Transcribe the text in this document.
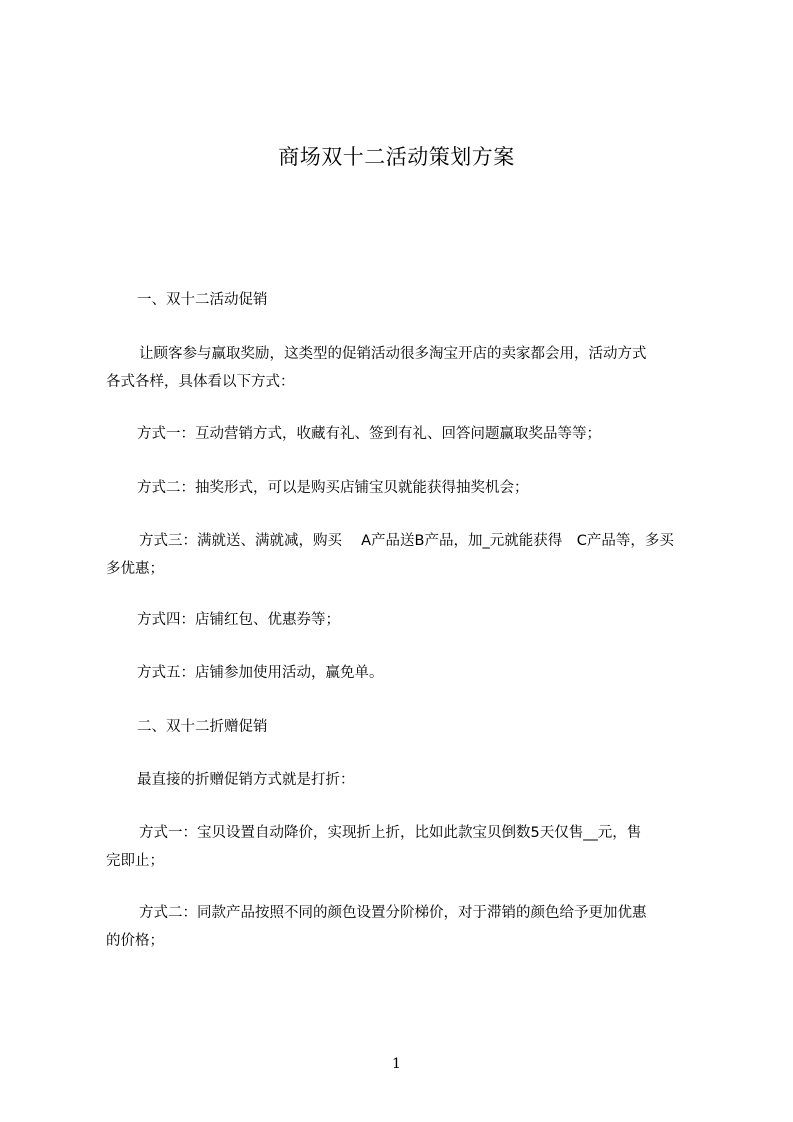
商场双十二活动策划方案
一、双十二活动促销
让顾客参与赢取奖励，这类型的促销活动很多淘宝开店的卖家都会用，活动方式
各式各样，具体看以下方式：
方式一：互动营销方式，收藏有礼、签到有礼、回答问题赢取奖品等等；
方式二：抽奖形式，可以是购买店铺宝贝就能获得抽奖机会；
方式三：满就送、满就减，购买　 A产品送B产品，加_元就能获得　C产品等，多买
多优惠；
方式四：店铺红包、优惠券等；
方式五：店铺参加使用活动，赢免单。
二、双十二折赠促销
最直接的折赠促销方式就是打折：
方式一：宝贝设置自动降价，实现折上折，比如此款宝贝倒数5天仅售__元，售
完即止；
方式二：同款产品按照不同的颜色设置分阶梯价，对于滞销的颜色给予更加优惠
的价格；
1
